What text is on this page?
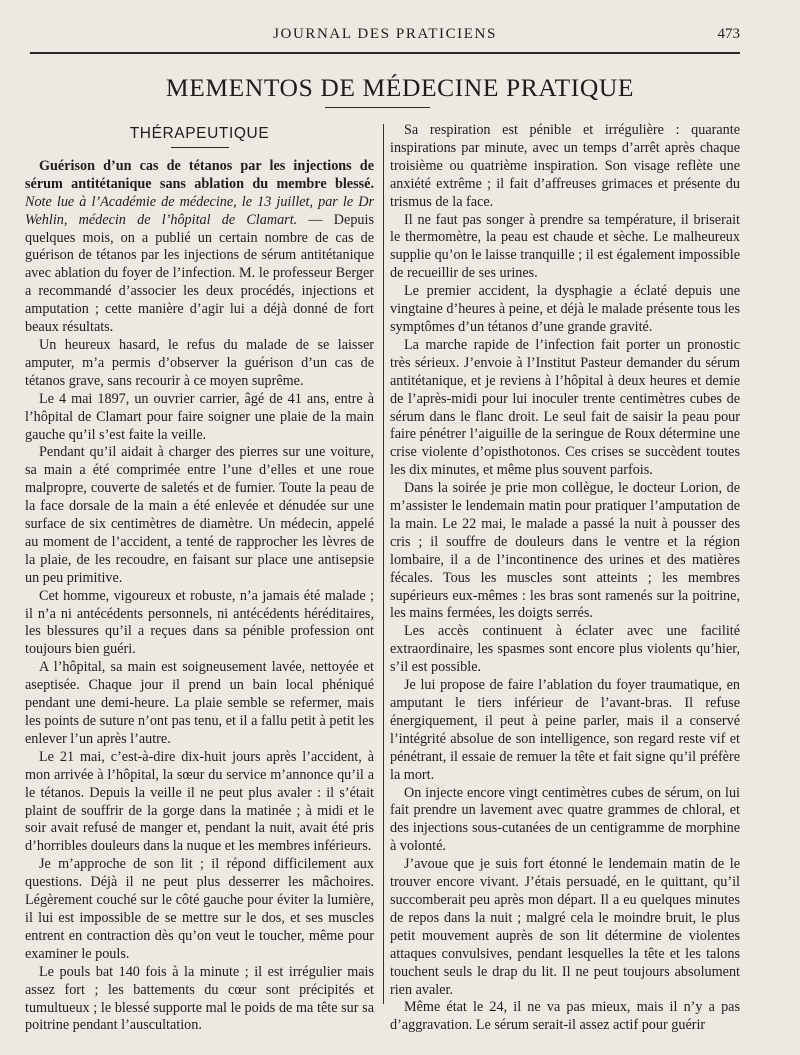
JOURNAL DES PRATICIENS	473
MEMENTOS DE MÉDECINE PRATIQUE
THÉRAPEUTIQUE

Guérison d’un cas de tétanos par les injections de sérum antitétanique sans ablation du membre blessé. Note lue à l’Académie de médecine, le 13 juillet, par le Dr Wehlin, médecin de l’hôpital de Clamart. — Depuis quelques mois, on a publié un certain nombre de cas de guérison de tétanos par les injections de sérum antitétanique avec ablation du foyer de l’infection. M. le professeur Berger a recommandé d’associer les deux procédés, injections et amputation ; cette manière d’agir lui a déjà donné de fort beaux résultats.

Un heureux hasard, le refus du malade de se laisser amputer, m’a permis d’observer la guérison d’un cas de tétanos grave, sans recourir à ce moyen suprême.

Le 4 mai 1897, un ouvrier carrier, âgé de 41 ans, entre à l’hôpital de Clamart pour faire soigner une plaie de la main gauche qu’il s’est faite la veille.

Pendant qu’il aidait à charger des pierres sur une voiture, sa main a été comprimée entre l’une d’elles et une roue malpropre, couverte de saletés et de fumier. Toute la peau de la face dorsale de la main a été enlevée et dénudée sur une surface de six centimètres de diamètre. Un médecin, appelé au moment de l’accident, a tenté de rapprocher les lèvres de la plaie, de les recoudre, en faisant sur place une antisepsie un peu primitive.

Cet homme, vigoureux et robuste, n’a jamais été malade ; il n’a ni antécédents personnels, ni antécédents héréditaires, les blessures qu’il a reçues dans sa pénible profession ont toujours bien guéri.

A l’hôpital, sa main est soigneusement lavée, nettoyée et aseptisée. Chaque jour il prend un bain local phéniqué pendant une demi-heure. La plaie semble se refermer, mais les points de suture n’ont pas tenu, et il a fallu petit à petit les enlever l’un après l’autre.

Le 21 mai, c’est-à-dire dix-huit jours après l’accident, à mon arrivée à l’hôpital, la sœur du service m’annonce qu’il a le tétanos. Depuis la veille il ne peut plus avaler : il s’était plaint de souffrir de la gorge dans la matinée ; à midi et le soir avait refusé de manger et, pendant la nuit, avait été pris d’horribles douleurs dans la nuque et les membres inférieurs.

Je m’approche de son lit ; il répond difficilement aux questions. Déjà il ne peut plus desserrer les mâchoires. Légèrement couché sur le côté gauche pour éviter la lumière, il lui est impossible de se mettre sur le dos, et ses muscles entrent en contraction dès qu’on veut le toucher, même pour examiner le pouls.

Le pouls bat 140 fois à la minute ; il est irrégulier mais assez fort ; les battements du cœur sont précipités et tumultueux ; le blessé supporte mal le poids de ma tête sur sa poitrine pendant l’auscultation.

Sa respiration est pénible et irrégulière : quarante inspirations par minute, avec un temps d’arrêt après chaque troisième ou quatrième inspiration. Son visage reflète une anxiété extrême ; il fait d’affreuses grimaces et présente du trismus de la face.

Il ne faut pas songer à prendre sa température, il briserait le thermomètre, la peau est chaude et sèche. Le malheureux supplie qu’on le laisse tranquille ; il est également impossible de recueillir de ses urines.

Le premier accident, la dysphagie a éclaté depuis une vingtaine d’heures à peine, et déjà le malade présente tous les symptômes d’un tétanos d’une grande gravité.

La marche rapide de l’infection fait porter un pronostic très sérieux. J’envoie à l’Institut Pasteur demander du sérum antitétanique, et je reviens à l’hôpital à deux heures et demie de l’après-midi pour lui inoculer trente centimètres cubes de sérum dans le flanc droit. Le seul fait de saisir la peau pour faire pénétrer l’aiguille de la seringue de Roux détermine une crise violente d’opisthotonos. Ces crises se succèdent toutes les dix minutes, et même plus souvent parfois.

Dans la soirée je prie mon collègue, le docteur Lorion, de m’assister le lendemain matin pour pratiquer l’amputation de la main. Le 22 mai, le malade a passé la nuit à pousser des cris ; il souffre de douleurs dans le ventre et la région lombaire, il a de l’incontinence des urines et des matières fécales. Tous les muscles sont atteints ; les membres supérieurs eux-mêmes : les bras sont ramenés sur la poitrine, les mains fermées, les doigts serrés.

Les accès continuent à éclater avec une facilité extraordinaire, les spasmes sont encore plus violents qu’hier, s’il est possible.

Je lui propose de faire l’ablation du foyer traumatique, en amputant le tiers inférieur de l’avant-bras. Il refuse énergiquement, il peut à peine parler, mais il a conservé l’intégrité absolue de son intelligence, son regard reste vif et pénétrant, il essaie de remuer la tête et fait signe qu’il préfère la mort.

On injecte encore vingt centimètres cubes de sérum, on lui fait prendre un lavement avec quatre grammes de chloral, et des injections sous-cutanées de un centigramme de morphine à volonté.

J’avoue que je suis fort étonné le lendemain matin de le trouver encore vivant. J’étais persuadé, en le quittant, qu’il succomberait peu après mon départ. Il a eu quelques minutes de repos dans la nuit ; malgré cela le moindre bruit, le plus petit mouvement auprès de son lit détermine de violentes attaques convulsives, pendant lesquelles la tête et les talons touchent seuls le drap du lit. Il ne peut toujours absolument rien avaler.

Même état le 24, il ne va pas mieux, mais il n’y a pas d’aggravation. Le sérum serait-il assez actif pour guérir
